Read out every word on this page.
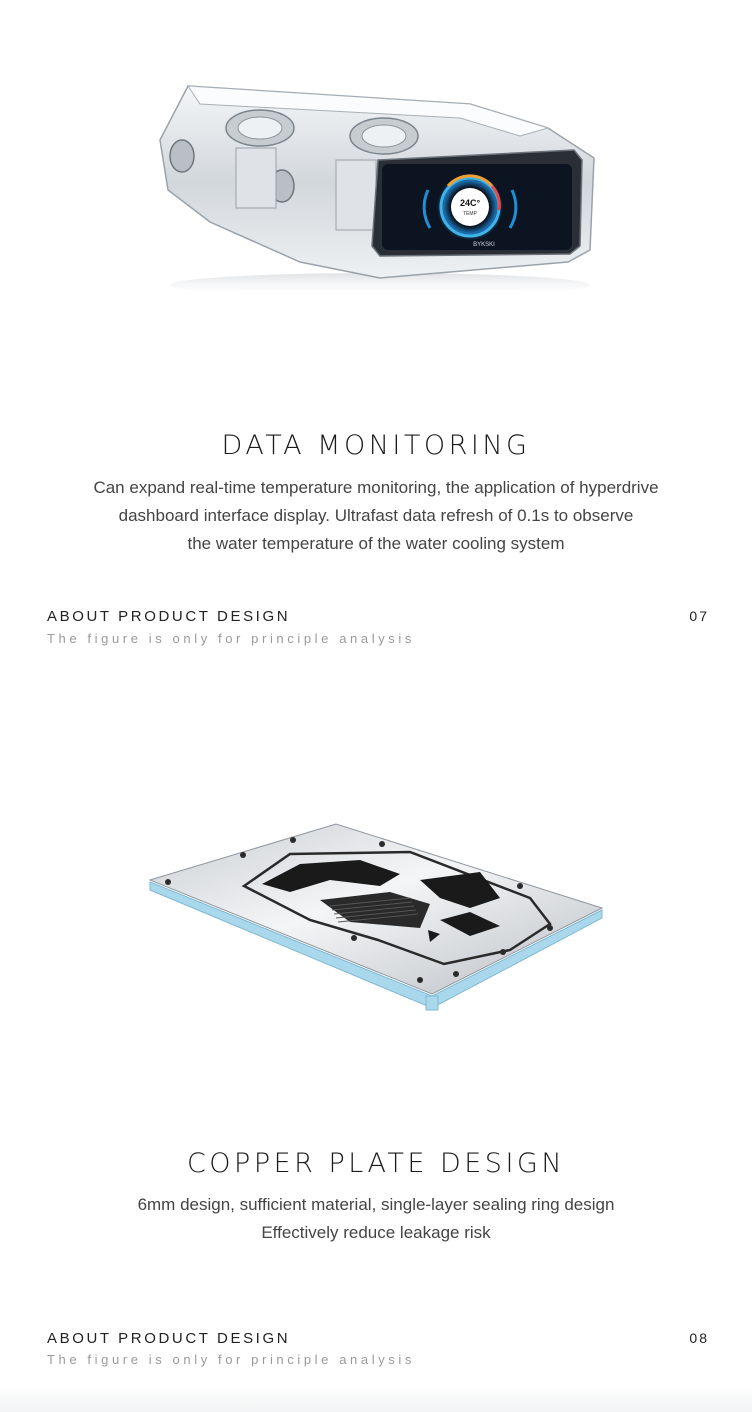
24C°
TEMP
BYKSKI
DATA MONITORING
Can expand real-time temperature monitoring, the application of hyperdrive
dashboard interface display. Ultrafast data refresh of 0.1s to observe
the water temperature of the water cooling system
ABOUT PRODUCT DESIGN
The figure is only for principle analysis
07
COPPER PLATE DESIGN
6mm design, sufficient material, single-layer sealing ring design
Effectively reduce leakage risk
ABOUT PRODUCT DESIGN
The figure is only for principle analysis
08
